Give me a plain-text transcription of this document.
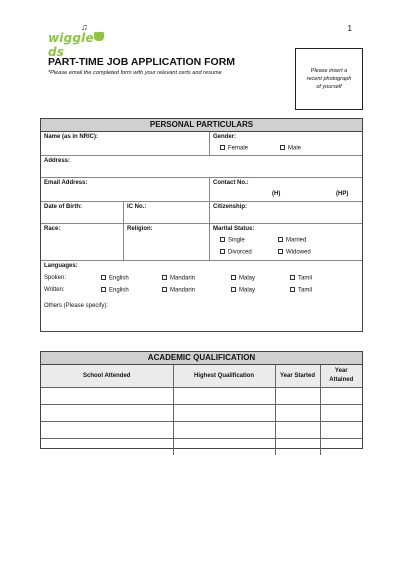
1
♫
wiggleds
PART-TIME JOB APPLICATION FORM
*Please email the completed form with your relevant certs and resume	Please insert a recent photograph of yourself
PERSONAL PARTICULARS
Name (as in NRIC):	Gender:
Female	Male
Address:
Email Address:	Contact No.:
(H)	(HP)
Date of Birth:	IC No.:	Citizenship:
Race:	Religion:	Marital Status:
Single	Married
Divorced	Widowed
Languages:
Spoken:	English	Mandarin	Malay	Tamil
Written:	English	Mandarin	Malay	Tamil
Others (Please specify):
ACADEMIC QUALIFICATION
School Attended	Highest Qualification	Year Started	Year Attained
